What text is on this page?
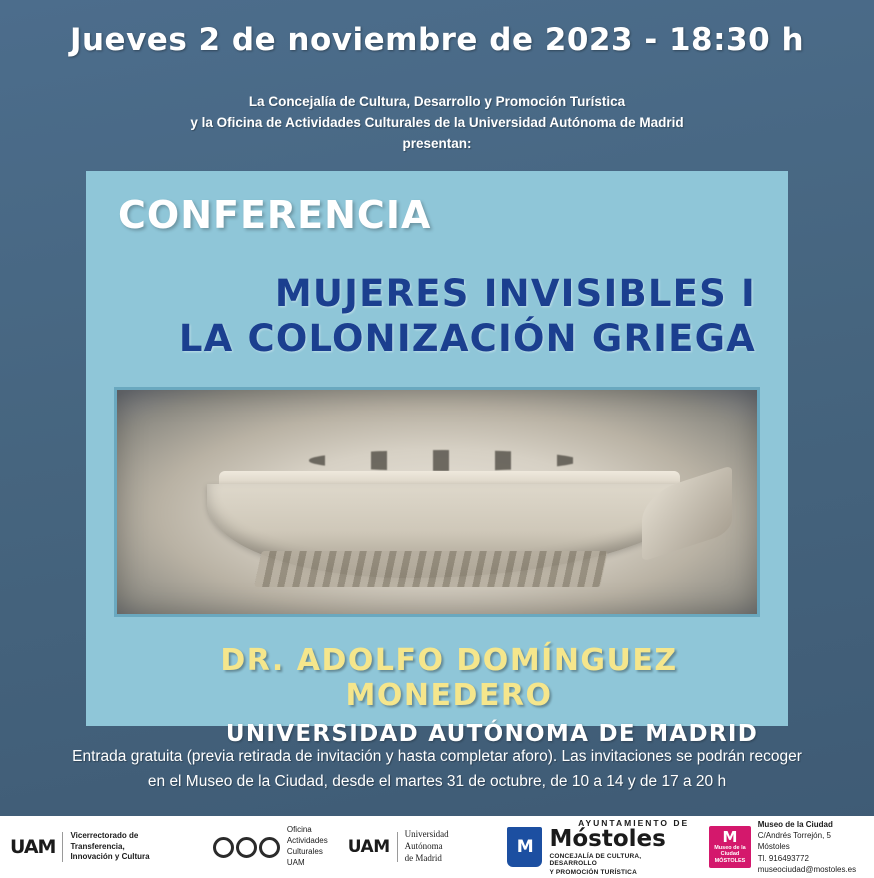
Jueves 2 de noviembre de 2023 - 18:30 h
La Concejalía de Cultura, Desarrollo y Promoción Turística
y la Oficina de Actividades Culturales de la Universidad Autónoma de Madrid
presentan:
CONFERENCIA
MUJERES INVISIBLES I
LA COLONIZACIÓN GRIEGA
DR. ADOLFO DOMÍNGUEZ MONEDERO
UNIVERSIDAD AUTÓNOMA DE MADRID
Entrada gratuita (previa retirada de invitación y hasta completar aforo). Las invitaciones se podrán recoger
en el Museo de la Ciudad, desde el martes 31 de octubre, de 10 a 14 y de 17 a 20 h
UAM
Vicerrectorado de Transferencia,
Innovación y Cultura
Oficina
Actividades
Culturales
UAM
UAM
Universidad Autónoma
de Madrid
M
AYUNTAMIENTO DE
Móstoles
CONCEJALÍA DE CULTURA, DESARROLLO
Y PROMOCIÓN TURÍSTICA
M
Museo de la Ciudad
MÓSTOLES
Museo de la Ciudad
C/Andrés Torrejón, 5 Móstoles
Tl. 916493772
museociudad@mostoles.es
